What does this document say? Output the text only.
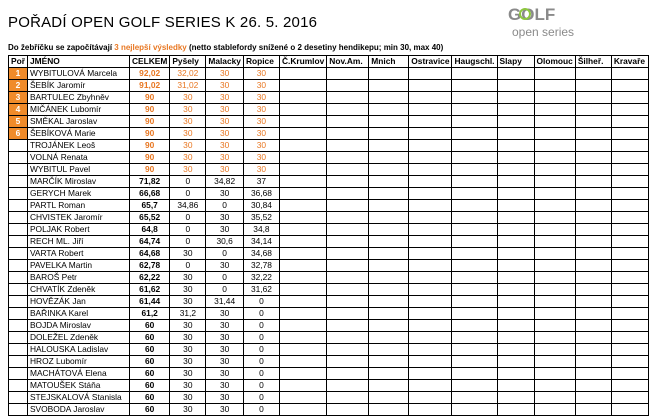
POŘADÍ OPEN GOLF SERIES K 26. 5. 2016	GOLF
open series
Do žebříčku se započítávají 3 nejlepší výsledky (netto stablefordy snížené o 2 desetiny hendikepu; min 30, max 40)
Poř	JMÉNO	CELKEM	Pyšely	Malacky	Ropice	Č.Krumlov	Nov.Am.	Mnich	Ostravice	Haugschl.	Slapy	Olomouc	Šilheř.	Kravaře
1	WYBITULOVÁ Marcela	92,02	32,02	30	30									
2	ŠEBÍK Jaromír	91,02	31,02	30	30									
3	BARTULEC Zbyhněv	90	30	30	30									
4	MIČÁNEK Lubomír	90	30	30	30									
5	SMĚKAL Jaroslav	90	30	30	30									
6	ŠEBÍKOVÁ Marie	90	30	30	30									
	TROJÁNEK Leoš	90	30	30	30									
	VOLNÁ Renata	90	30	30	30									
	WYBITUL Pavel	90	30	30	30									
	MARČÍK Miroslav	71,82	0	34,82	37									
	GERYCH Marek	66,68	0	30	36,68									
	PARTL Roman	65,7	34,86	0	30,84									
	CHVISTEK Jaromír	65,52	0	30	35,52									
	POLJAK Robert	64,8	0	30	34,8									
	RECH ML. Jiří	64,74	0	30,6	34,14									
	VARTA Robert	64,68	30	0	34,68									
	PAVELKA Martin	62,78	0	30	32,78									
	BAROŠ Petr	62,22	30	0	32,22									
	CHVATÍK Zdeněk	61,62	30	0	31,62									
	HOVĚZÁK Jan	61,44	30	31,44	0									
	BAŘINKA Karel	61,2	31,2	30	0									
	BOJDA Miroslav	60	30	30	0									
	DOLEŽEL Zdeněk	60	30	30	0									
	HALOUSKA Ladislav	60	30	30	0									
	HROZ Lubomír	60	30	30	0									
	MACHÁTOVÁ Elena	60	30	30	0									
	MATOUŠEK Stáňa	60	30	30	0									
	STEJSKALOVÁ Stanisla	60	30	30	0									
	SVOBODA Jaroslav	60	30	30	0									
